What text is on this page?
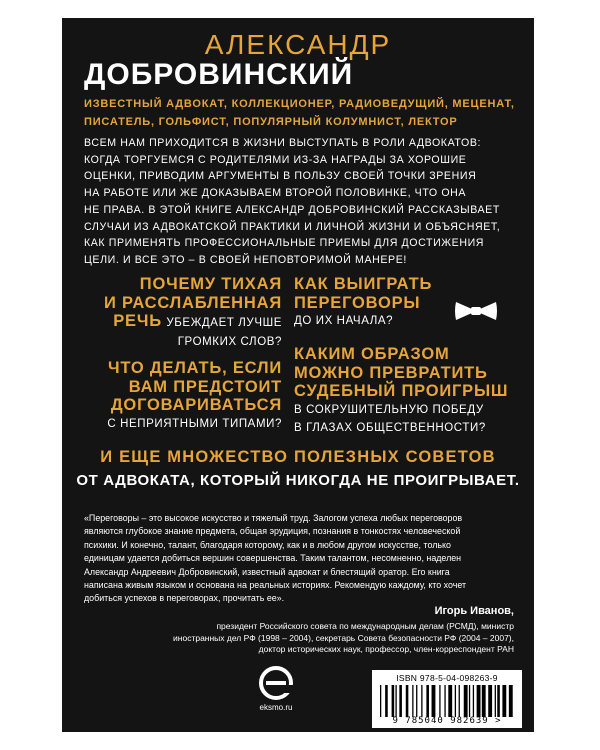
АЛЕКСАНДР
ДОБРОВИНСКИЙ
ИЗВЕСТНЫЙ АДВОКАТ, КОЛЛЕКЦИОНЕР, РАДИОВЕДУЩИЙ, МЕЦЕНАТ,
ПИСАТЕЛЬ, ГОЛЬФИСТ, ПОПУЛЯРНЫЙ КОЛУМНИСТ, ЛЕКТОР
ВСЕМ НАМ ПРИХОДИТСЯ В ЖИЗНИ ВЫСТУПАТЬ В РОЛИ АДВОКАТОВ:
КОГДА ТОРГУЕМСЯ С РОДИТЕЛЯМИ ИЗ-ЗА НАГРАДЫ ЗА ХОРОШИЕ
ОЦЕНКИ, ПРИВОДИМ АРГУМЕНТЫ В ПОЛЬЗУ СВОЕЙ ТОЧКИ ЗРЕНИЯ
НА РАБОТЕ ИЛИ ЖЕ ДОКАЗЫВАЕМ ВТОРОЙ ПОЛОВИНКЕ, ЧТО ОНА
НЕ ПРАВА. В ЭТОЙ КНИГЕ АЛЕКСАНДР ДОБРОВИНСКИЙ РАССКАЗЫВАЕТ
СЛУЧАИ ИЗ АДВОКАТСКОЙ ПРАКТИКИ И ЛИЧНОЙ ЖИЗНИ И ОБЪЯСНЯЕТ,
КАК ПРИМЕНЯТЬ ПРОФЕССИОНАЛЬНЫЕ ПРИЕМЫ ДЛЯ ДОСТИЖЕНИЯ
ЦЕЛИ. И ВСЕ ЭТО – В СВОЕЙ НЕПОВТОРИМОЙ МАНЕРЕ!
ПОЧЕМУ ТИХАЯ
И РАССЛАБЛЕННАЯ
РЕЧЬ УБЕЖДАЕТ ЛУЧШЕ
ГРОМКИХ СЛОВ?
КАК ВЫИГРАТЬ
ПЕРЕГОВОРЫ
ДО ИХ НАЧАЛА?
ЧТО ДЕЛАТЬ, ЕСЛИ
ВАМ ПРЕДСТОИТ
ДОГОВАРИВАТЬСЯ
С НЕПРИЯТНЫМИ ТИПАМИ?
КАКИМ ОБРАЗОМ
МОЖНО ПРЕВРАТИТЬ
СУДЕБНЫЙ ПРОИГРЫШ
В СОКРУШИТЕЛЬНУЮ ПОБЕДУ
В ГЛАЗАХ ОБЩЕСТВЕННОСТИ?
И ЕЩЕ МНОЖЕСТВО ПОЛЕЗНЫХ СОВЕТОВ
ОТ АДВОКАТА, КОТОРЫЙ НИКОГДА НЕ ПРОИГРЫВАЕТ.
«Переговоры – это высокое искусство и тяжелый труд. Залогом успеха любых переговоров
являются глубокое знание предмета, общая эрудиция, познания в тонкостях человеческой
психики. И конечно, талант, благодаря которому, как и в любом другом искусстве, только
единицам удается добиться вершин совершенства. Таким талантом, несомненно, наделен
Александр Андреевич Добровинский, известный адвокат и блестящий оратор. Его книга
написана живым языком и основана на реальных историях. Рекомендую каждому, кто хочет
добиться успехов в переговорах, прочитать ее».
Игорь Иванов,
президент Российского совета по международным делам (РСМД), министр
иностранных дел РФ (1998 – 2004), секретарь Совета безопасности РФ (2004 – 2007),
доктор исторических наук, профессор, член-корреспондент РАН
eksmo.ru
ISBN 978-5-04-098263-9
9 785040 982639 >
